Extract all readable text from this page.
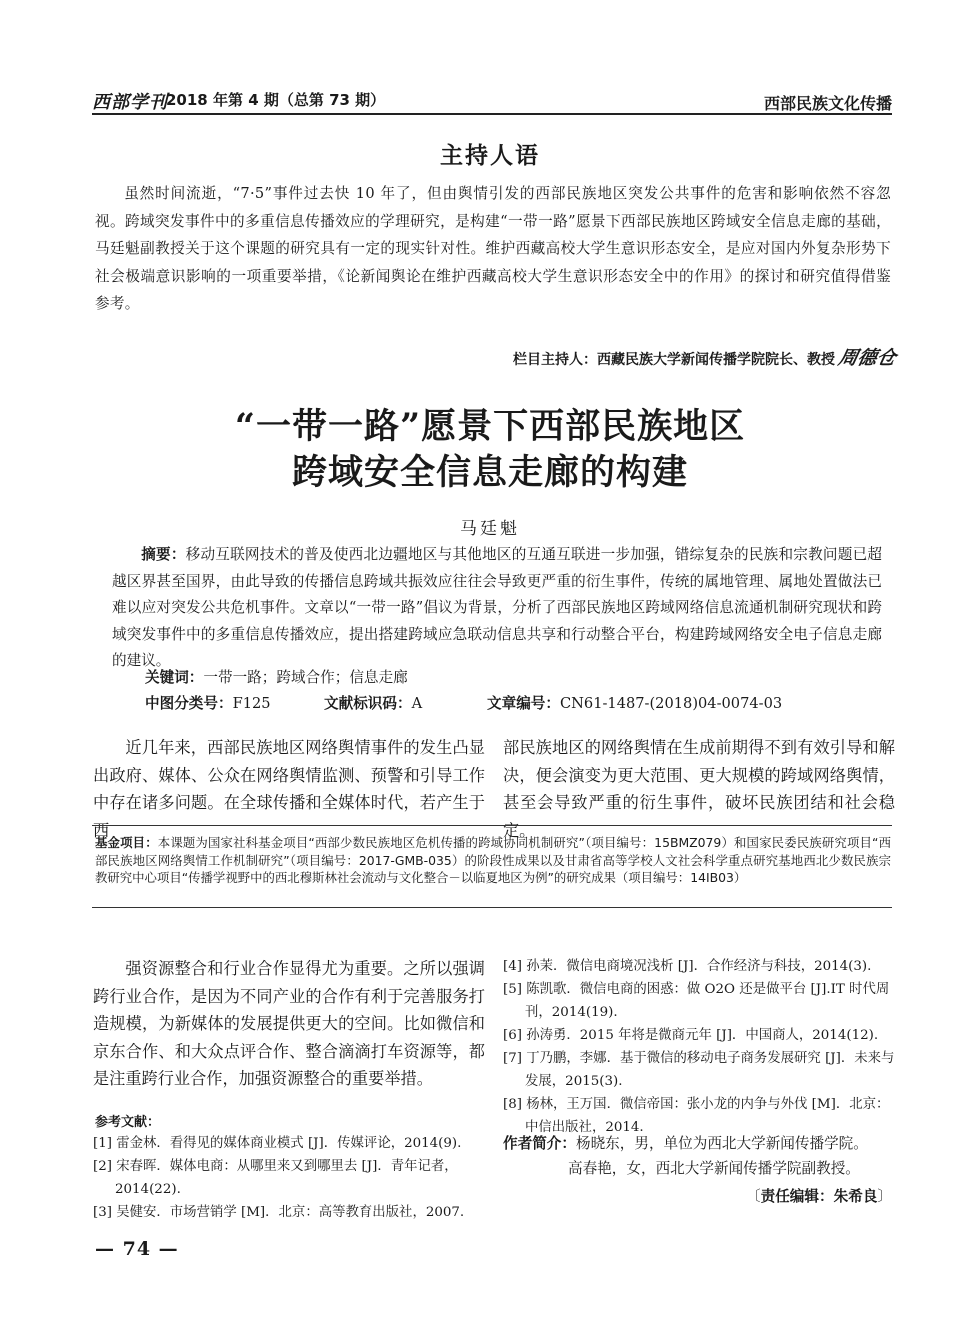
西部学刊
2018 年第 4 期（总第 73 期）	西部民族文化传播
主持人语
虽然时间流逝，“7·5”事件过去快 10 年了，但由舆情引发的西部民族地区突发公共事件的危害和影响依然不容忽视。跨域突发事件中的多重信息传播效应的学理研究，是构建“一带一路”愿景下西部民族地区跨域安全信息走廊的基础，马廷魁副教授关于这个课题的研究具有一定的现实针对性。维护西藏高校大学生意识形态安全，是应对国内外复杂形势下社会极端意识影响的一项重要举措，《论新闻舆论在维护西藏高校大学生意识形态安全中的作用》的探讨和研究值得借鉴参考。
栏目主持人：西藏民族大学新闻传播学院院长、教授周德仓
“一带一路”愿景下西部民族地区
跨域安全信息走廊的构建
马廷魁
摘要：移动互联网技术的普及使西北边疆地区与其他地区的互通互联进一步加强，错综复杂的民族和宗教问题已超越区界甚至国界，由此导致的传播信息跨域共振效应往往会导致更严重的衍生事件，传统的属地管理、属地处置做法已难以应对突发公共危机事件。文章以“一带一路”倡议为背景，分析了西部民族地区跨域网络信息流通机制研究现状和跨域突发事件中的多重信息传播效应，提出搭建跨域应急联动信息共享和行动整合平台，构建跨域网络安全电子信息走廊的建议。
关键词：一带一路；跨域合作；信息走廊
中图分类号：F125	文献标识码：A	文章编号：CN61-1487-(2018)04-0074-03
近几年来，西部民族地区网络舆情事件的发生凸显出政府、媒体、公众在网络舆情监测、预警和引导工作中存在诸多问题。在全球传播和全媒体时代，若产生于西
部民族地区的网络舆情在生成前期得不到有效引导和解决，便会演变为更大范围、更大规模的跨域网络舆情，甚至会导致严重的衍生事件，破坏民族团结和社会稳定。
基金项目：本课题为国家社科基金项目“西部少数民族地区危机传播的跨域协同机制研究”（项目编号：15BMZ079）和国家民委民族研究项目“西部民族地区网络舆情工作机制研究”（项目编号：2017-GMB-035）的阶段性成果以及甘肃省高等学校人文社会科学重点研究基地西北少数民族宗教研究中心项目“传播学视野中的西北穆斯林社会流动与文化整合－以临夏地区为例”的研究成果（项目编号：14IB03）
强资源整合和行业合作显得尤为重要。之所以强调跨行业合作，是因为不同产业的合作有利于完善服务打造规模，为新媒体的发展提供更大的空间。比如微信和京东合作、和大众点评合作、整合滴滴打车资源等，都是注重跨行业合作，加强资源整合的重要举措。
参考文献：
[1] 雷金林．看得见的媒体商业模式 [J]．传媒评论，2014(9).
[2] 宋春晖．媒体电商：从哪里来又到哪里去 [J]．青年记者，2014(22).
[3] 吴健安．市场营销学 [M]．北京：高等教育出版社，2007.
[4] 孙茉．微信电商境况浅析 [J]．合作经济与科技，2014(3).
[5] 陈凯歌．微信电商的困惑：做 O2O 还是做平台 [J].IT 时代周刊，2014(19).
[6] 孙涛勇．2015 年将是微商元年 [J]．中国商人，2014(12).
[7] 丁乃鹏，李娜．基于微信的移动电子商务发展研究 [J]．未来与发展，2015(3).
[8] 杨林，王万国．微信帝国：张小龙的内争与外伐 [M]．北京：中信出版社，2014.
作者简介：杨晓东，男，单位为西北大学新闻传播学院。
高春艳，女，西北大学新闻传播学院副教授。
〔责任编辑：朱希良〕
— 74 —
